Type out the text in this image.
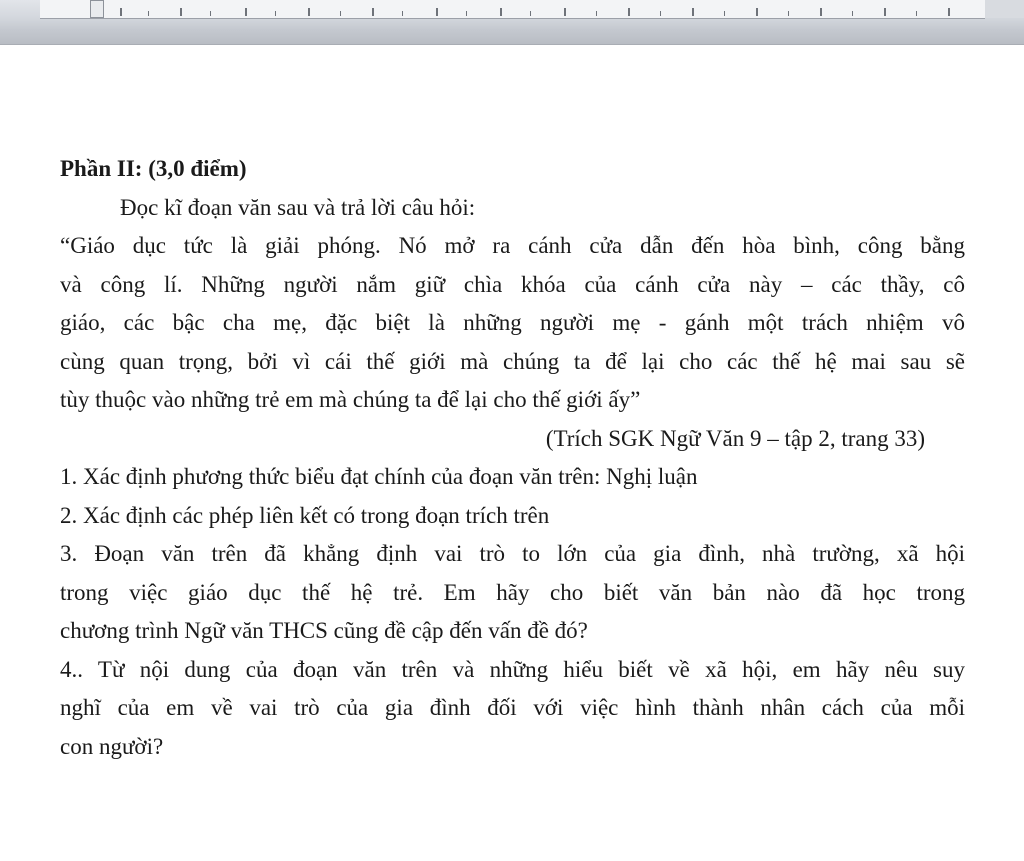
Phần II: (3,0 điểm)
Đọc kĩ đoạn văn sau và trả lời câu hỏi:
“Giáo dục tức là giải phóng. Nó mở ra cánh cửa dẫn đến hòa bình, công bằng
và công lí. Những người nắm giữ chìa khóa của cánh cửa này – các thầy, cô
giáo, các bậc cha mẹ, đặc biệt là những người mẹ - gánh một trách nhiệm vô
cùng quan trọng, bởi vì cái thế giới mà chúng ta để lại cho các thế hệ mai sau sẽ
tùy thuộc vào những trẻ em mà chúng ta để lại cho thế giới ấy”
(Trích SGK Ngữ Văn 9 – tập 2, trang 33)
1. Xác định phương thức biểu đạt chính của đoạn văn trên: Nghị luận
2. Xác định các phép liên kết có trong đoạn trích trên
3. Đoạn văn trên đã khẳng định vai trò to lớn của gia đình, nhà trường, xã hội
trong việc giáo dục thế hệ trẻ. Em hãy cho biết văn bản nào đã học trong
chương trình Ngữ văn THCS cũng đề cập đến vấn đề đó?
4.. Từ nội dung của đoạn văn trên và những hiểu biết về xã hội, em hãy nêu suy
nghĩ của em về vai trò của gia đình đối với việc hình thành nhân cách của mỗi
con người?
